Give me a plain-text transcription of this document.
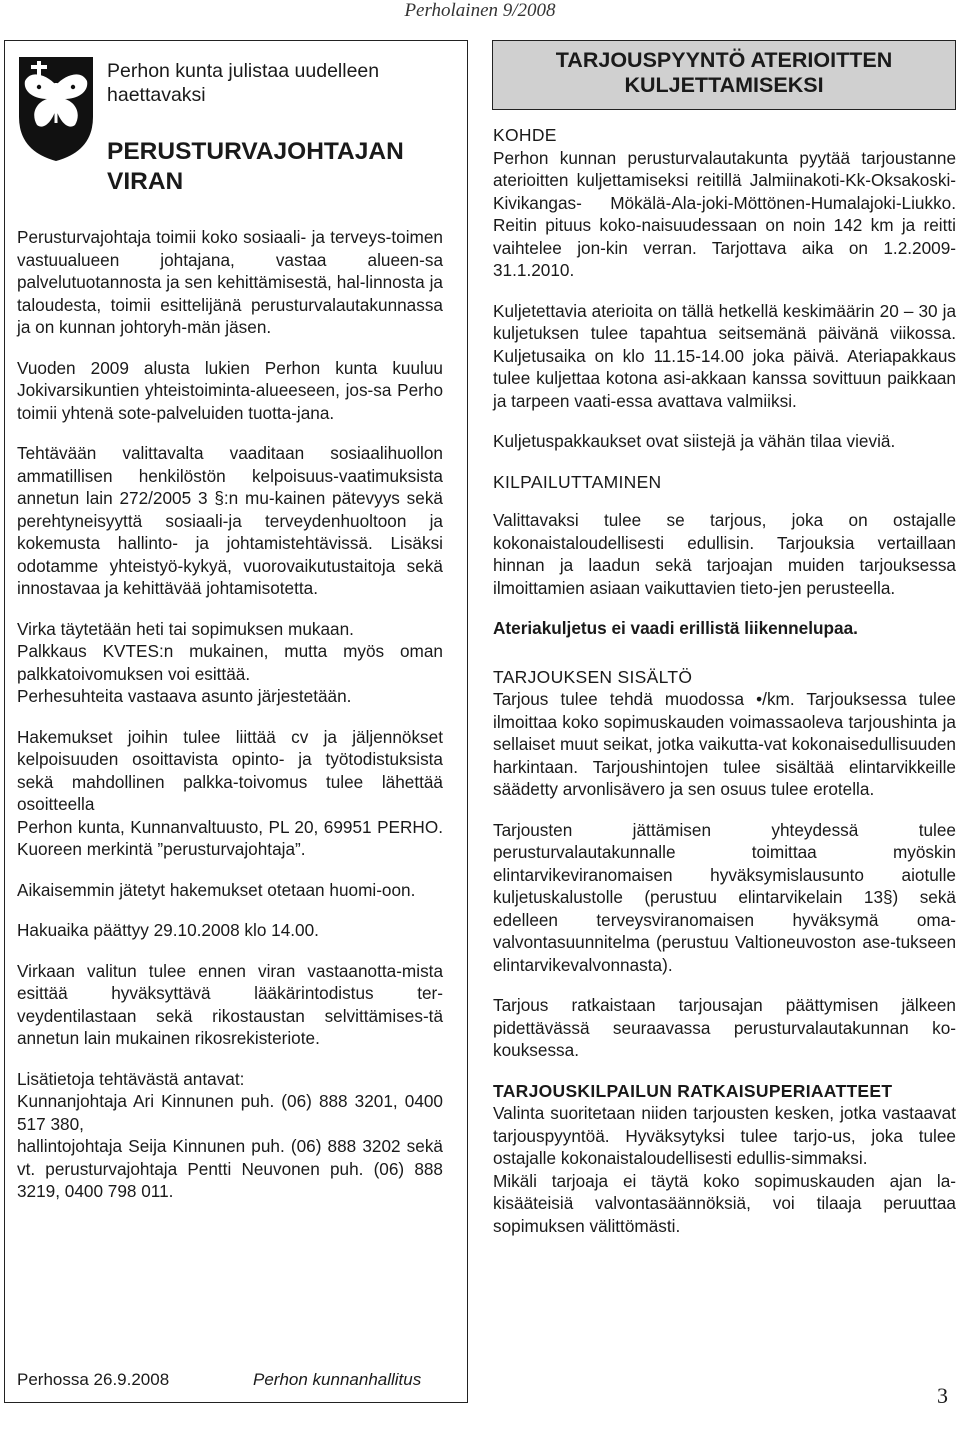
Perholainen 9/2008
Perhon kunta julistaa uudelleen
haettavaksi
PERUSTURVAJOHTAJAN
VIRAN

Perusturvajohtaja toimii koko sosiaali- ja terveys-toimen vastuualueen johtajana, vastaa alueen-sa palvelutuotannosta ja sen kehittämisestä, hal-linnosta ja taloudesta, toimii esittelijänä perusturvalautakunnassa ja on kunnan johtoryh-män jäsen.

Vuoden 2009 alusta lukien Perhon kunta kuuluu Jokivarsikuntien yhteistoiminta-alueeseen, jos-sa Perho toimii yhtenä sote-palveluiden tuotta-jana.

Tehtävään valittavalta vaaditaan sosiaalihuollon ammatillisen henkilöstön kelpoisuus-vaatimuksista annetun lain 272/2005 3 §:n mu-kainen pätevyys sekä perehtyneisyyttä sosiaali-ja terveydenhuoltoon ja kokemusta hallinto- ja johtamistehtävissä. Lisäksi odotamme yhteistyö-kykyä, vuorovaikutustaitoja sekä innostavaa ja kehittävää johtamisotetta.

Virka täytetään heti tai sopimuksen mukaan.
Palkkaus KVTES:n mukainen, mutta myös oman palkkatoivomuksen voi esittää.
Perhesuhteita vastaava asunto järjestetään.

Hakemukset joihin tulee liittää cv ja jäljennökset kelpoisuuden osoittavista opinto- ja työtodistuksista sekä mahdollinen palkka-toivomus tulee lähettää osoitteella
Perhon kunta, Kunnanvaltuusto, PL 20, 69951 PERHO. Kuoreen merkintä ”perusturvajohtaja”.

Aikaisemmin jätetyt hakemukset otetaan huomi-oon.

Hakuaika päättyy 29.10.2008 klo 14.00.

Virkaan valitun tulee ennen viran vastaanotta-mista esittää hyväksyttävä lääkärintodistus ter-veydentilastaan sekä rikostaustan selvittämises-tä annetun lain mukainen rikosrekisteriote.

Lisätietoja tehtävästä antavat:
Kunnanjohtaja Ari Kinnunen puh. (06) 888 3201, 0400 517 380,
hallintojohtaja Seija Kinnunen puh. (06) 888 3202 sekä vt. perusturvajohtaja Pentti Neuvonen puh. (06) 888 3219, 0400 798 011.

Perhossa 26.9.2008	Perhon kunnanhallitus
TARJOUSPYYNTÖ ATERIOITTEN
KULJETTAMISEKSI
KOHDE

Perhon kunnan perusturvalautakunta pyytää tarjoustanne aterioitten kuljettamiseksi reitillä Jalmiinakoti-Kk-Oksakoski- Kivikangas- Mökälä-Ala-joki-Möttönen-Humalajoki-Liukko. Reitin pituus koko-naisuudessaan on noin 142 km ja reitti vaihtelee jon-kin verran. Tarjottava aika on 1.2.2009-31.1.2010.

Kuljetettavia aterioita on tällä hetkellä keskimäärin 20 – 30 ja kuljetuksen tulee tapahtua seitsemänä päivänä viikossa. Kuljetusaika on klo 11.15-14.00 joka päivä. Ateriapakkaus tulee kuljettaa kotona asi-akkaan kanssa sovittuun paikkaan ja tarpeen vaati-essa avattava valmiiksi.

Kuljetuspakkaukset ovat siistejä ja vähän tilaa vieviä.

KILPAILUTTAMINEN

Valittavaksi tulee se tarjous, joka on ostajalle kokonaistaloudellisesti edullisin. Tarjouksia vertaillaan hinnan ja laadun sekä tarjoajan muiden tarjouksessa ilmoittamien asiaan vaikuttavien tieto-jen perusteella.

Ateriakuljetus ei vaadi erillistä liikennelupaa.

TARJOUKSEN SISÄLTÖ

Tarjous tulee tehdä muodossa •/km. Tarjouksessa tulee ilmoittaa koko sopimuskauden voimassaoleva tarjoushinta ja sellaiset muut seikat, jotka vaikutta-vat kokonaisedullisuuden harkintaan. Tarjoushintojen tulee sisältää elintarvikkeille säädetty arvonlisävero ja sen osuus tulee erotella.

Tarjousten jättämisen yhteydessä tulee perusturvalautakunnalle toimittaa myöskin elintarvikeviranomaisen hyväksymislausunto aiotulle kuljetuskalustolle (perustuu elintarvikelain 13§) sekä edelleen terveysviranomaisen hyväksymä oma-valvontasuunnitelma (perustuu Valtioneuvoston ase-tukseen elintarvikevalvonnasta).

Tarjous ratkaistaan tarjousajan päättymisen jälkeen pidettävässä seuraavassa perusturvalautakunnan ko-kouksessa.

TARJOUSKILPAILUN RATKAISUPERIAATTEET

Valinta suoritetaan niiden tarjousten kesken, jotka vastaavat tarjouspyyntöä. Hyväksytyksi tulee tarjo-us, joka tulee ostajalle kokonaistaloudellisesti edullis-simmaksi.
Mikäli tarjoaja ei täytä koko sopimuskauden ajan la-kisääteisiä valvontasäännöksiä, voi tilaaja peruuttaa sopimuksen välittömästi.

3
